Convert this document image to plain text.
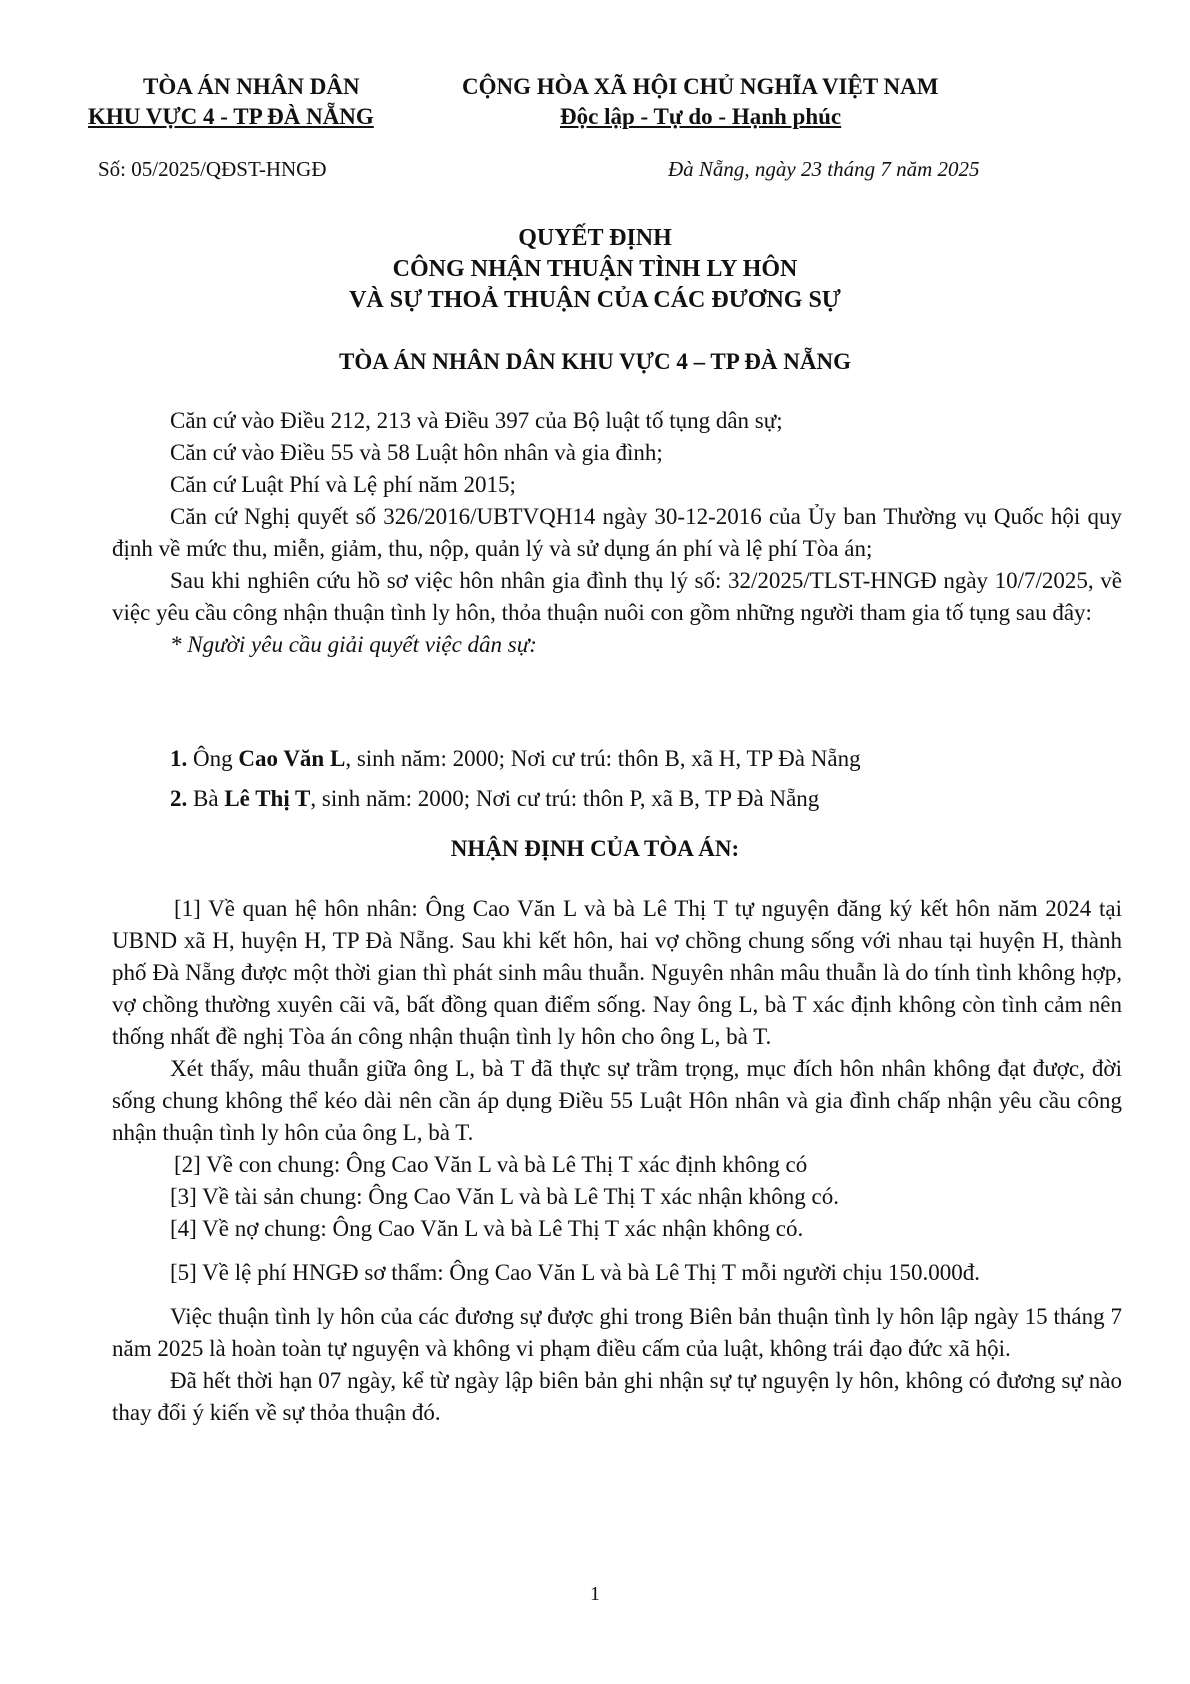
TÒA ÁN NHÂN DÂN
KHU VỰC 4 - TP ĐÀ NẴNG
CỘNG HÒA XÃ HỘI CHỦ NGHĨA VIỆT NAM
Độc lập - Tự do - Hạnh phúc
Số: 05/2025/QĐST-HNGĐ	Đà Nẵng, ngày 23 tháng 7 năm 2025
QUYẾT ĐỊNH
CÔNG NHẬN THUẬN TÌNH LY HÔN
VÀ SỰ THOẢ THUẬN CỦA CÁC ĐƯƠNG SỰ
TÒA ÁN NHÂN DÂN KHU VỰC 4 – TP ĐÀ NẴNG

Căn cứ vào Điều 212, 213 và Điều 397 của Bộ luật tố tụng dân sự;

Căn cứ vào Điều 55 và 58 Luật hôn nhân và gia đình;

Căn cứ Luật Phí và Lệ phí năm 2015;

Căn cứ Nghị quyết số 326/2016/UBTVQH14 ngày 30-12-2016 của Ủy ban Thường vụ Quốc hội quy định về mức thu, miễn, giảm, thu, nộp, quản lý và sử dụng án phí và lệ phí Tòa án;

Sau khi nghiên cứu hồ sơ việc hôn nhân gia đình thụ lý số: 32/2025/TLST-HNGĐ ngày 10/7/2025, về việc yêu cầu công nhận thuận tình ly hôn, thỏa thuận nuôi con gồm những người tham gia tố tụng sau đây:

* Người yêu cầu giải quyết việc dân sự:

1. Ông Cao Văn L, sinh năm: 2000; Nơi cư trú: thôn B, xã H, TP Đà Nẵng

2. Bà Lê Thị T, sinh năm: 2000; Nơi cư trú: thôn P, xã B, TP Đà Nẵng

NHẬN ĐỊNH CỦA TÒA ÁN:

[1] Về quan hệ hôn nhân: Ông Cao Văn L và bà Lê Thị T tự nguyện đăng ký kết hôn năm 2024 tại UBND xã H, huyện H, TP Đà Nẵng. Sau khi kết hôn, hai vợ chồng chung sống với nhau tại huyện H, thành phố Đà Nẵng được một thời gian thì phát sinh mâu thuẫn. Nguyên nhân mâu thuẫn là do tính tình không hợp, vợ chồng thường xuyên cãi vã, bất đồng quan điểm sống. Nay ông L, bà T xác định không còn tình cảm nên thống nhất đề nghị Tòa án công nhận thuận tình ly hôn cho ông L, bà T.

Xét thấy, mâu thuẫn giữa ông L, bà T đã thực sự trầm trọng, mục đích hôn nhân không đạt được, đời sống chung không thể kéo dài nên cần áp dụng Điều 55 Luật Hôn nhân và gia đình chấp nhận yêu cầu công nhận thuận tình ly hôn của ông L, bà T.

[2] Về con chung: Ông Cao Văn L và bà Lê Thị T xác định không có

[3] Về tài sản chung: Ông Cao Văn L và bà Lê Thị T xác nhận không có.

[4] Về nợ chung: Ông Cao Văn L và bà Lê Thị T xác nhận không có.

[5] Về lệ phí HNGĐ sơ thẩm: Ông Cao Văn L và bà Lê Thị T mỗi người chịu 150.000đ.

Việc thuận tình ly hôn của các đương sự được ghi trong Biên bản thuận tình ly hôn lập ngày 15 tháng 7 năm 2025 là hoàn toàn tự nguyện và không vi phạm điều cấm của luật, không trái đạo đức xã hội.

Đã hết thời hạn 07 ngày, kể từ ngày lập biên bản ghi nhận sự tự nguyện ly hôn, không có đương sự nào thay đổi ý kiến về sự thỏa thuận đó.

1
